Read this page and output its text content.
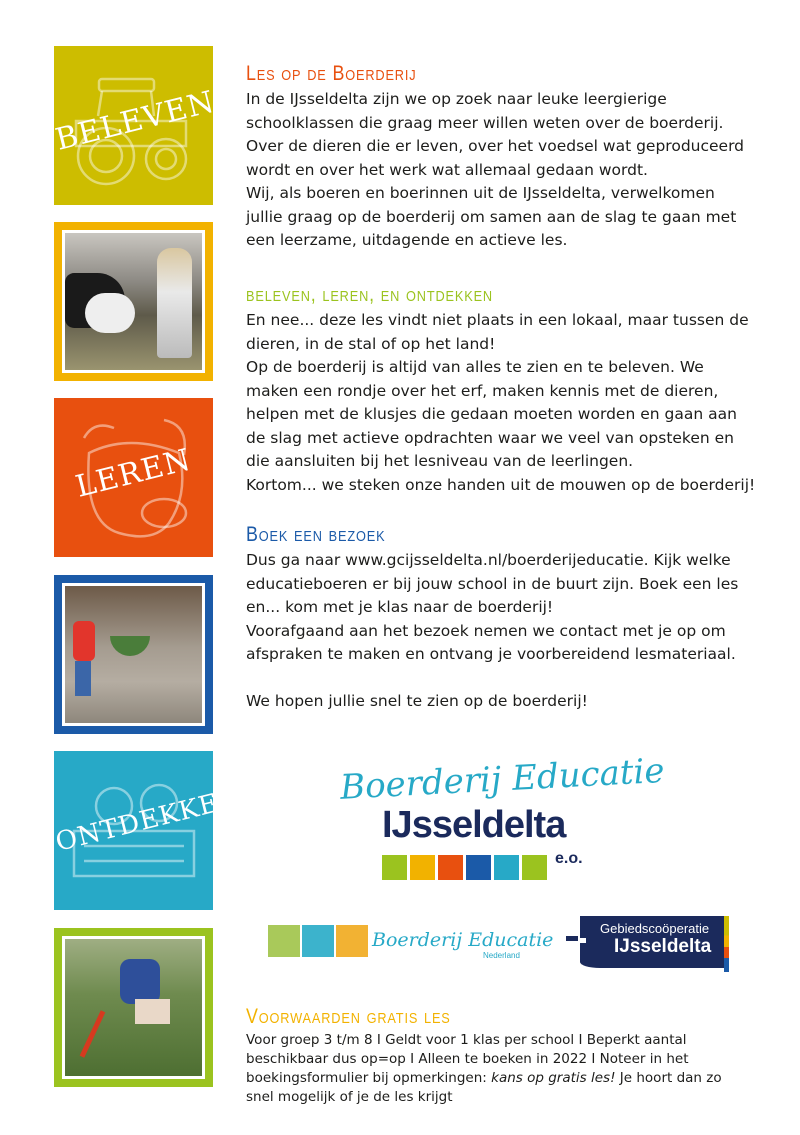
BELEVEN
LEREN
ONTDEKKEN
Les op de Boerderij

In de IJsseldelta zijn we op zoek naar leuke leergierige schoolklassen die graag meer willen weten over de boerderij. Over de dieren die er leven, over het voedsel wat geproduceerd wordt en over het werk wat allemaal gedaan wordt.

Wij, als boeren en boerinnen uit de IJsseldelta, verwelkomen jullie graag op de boerderij om samen aan de slag te gaan met een leerzame, uitdagende en actieve les.

beleven, leren, en ontdekken

En nee... deze les vindt niet plaats in een lokaal, maar tussen de dieren, in de stal of op het land!

Op de boerderij is altijd van alles te zien en te beleven. We maken een rondje over het erf, maken kennis met de dieren, helpen met de klusjes die gedaan moeten worden en gaan aan de slag met actieve opdrachten waar we veel van opsteken en die aansluiten bij het lesniveau van de leerlingen.

Kortom... we steken onze handen uit de mouwen op de boerderij!

Boek een bezoek

Dus ga naar www.gcijsseldelta.nl/boerderijeducatie. Kijk welke educatieboeren er bij jouw school in de buurt zijn. Boek een les en... kom met je klas naar de boerderij!

Voorafgaand aan het bezoek nemen we contact met je op om afspraken te maken en ontvang je voorbereidend lesmateriaal.

We hopen jullie snel te zien op de boerderij!

Boerderij Educatie
IJsseldelta
e.o.
Boerderij Educatie
Nederland
Gebiedscoöperatie
IJsseldelta
Voorwaarden gratis les

Voor groep 3 t/m 8 I Geldt voor 1 klas per school I Beperkt aantal beschikbaar dus op=op I Alleen te boeken in 2022 I Noteer in het boekingsformulier bij opmerkingen: kans op gratis les! Je hoort dan zo snel mogelijk of je de les krijgt
